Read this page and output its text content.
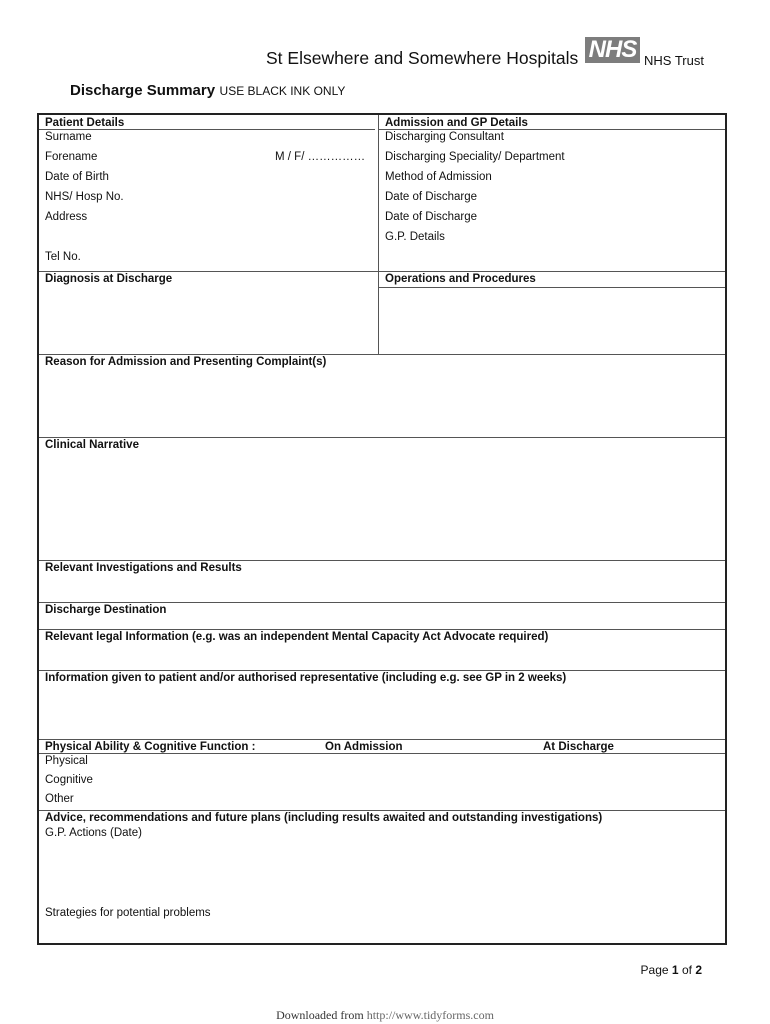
St Elsewhere and Somewhere Hospitals NHS NHS Trust
Discharge Summary USE BLACK INK ONLY
Patient Details
Surname
Forename	M / F/ ……………
Date of Birth
NHS/ Hosp No.
Address
Tel No.
Admission and GP Details
Discharging Consultant
Discharging Speciality/ Department
Method of Admission
Date of Discharge
Date of Discharge
G.P. Details
Diagnosis at Discharge	Operations and Procedures
Reason for Admission and Presenting Complaint(s)
Clinical Narrative
Relevant Investigations and Results
Discharge Destination
Relevant legal Information (e.g. was an independent Mental Capacity Act Advocate required)
Information given to patient and/or authorised representative (including e.g. see GP in 2 weeks)
Physical Ability & Cognitive Function :	On Admission	At Discharge
Physical
Cognitive
Other
Advice, recommendations and future plans (including results awaited and outstanding investigations)
G.P. Actions (Date)
Strategies for potential problems
Page 1 of 2
Downloaded from http://www.tidyforms.com
